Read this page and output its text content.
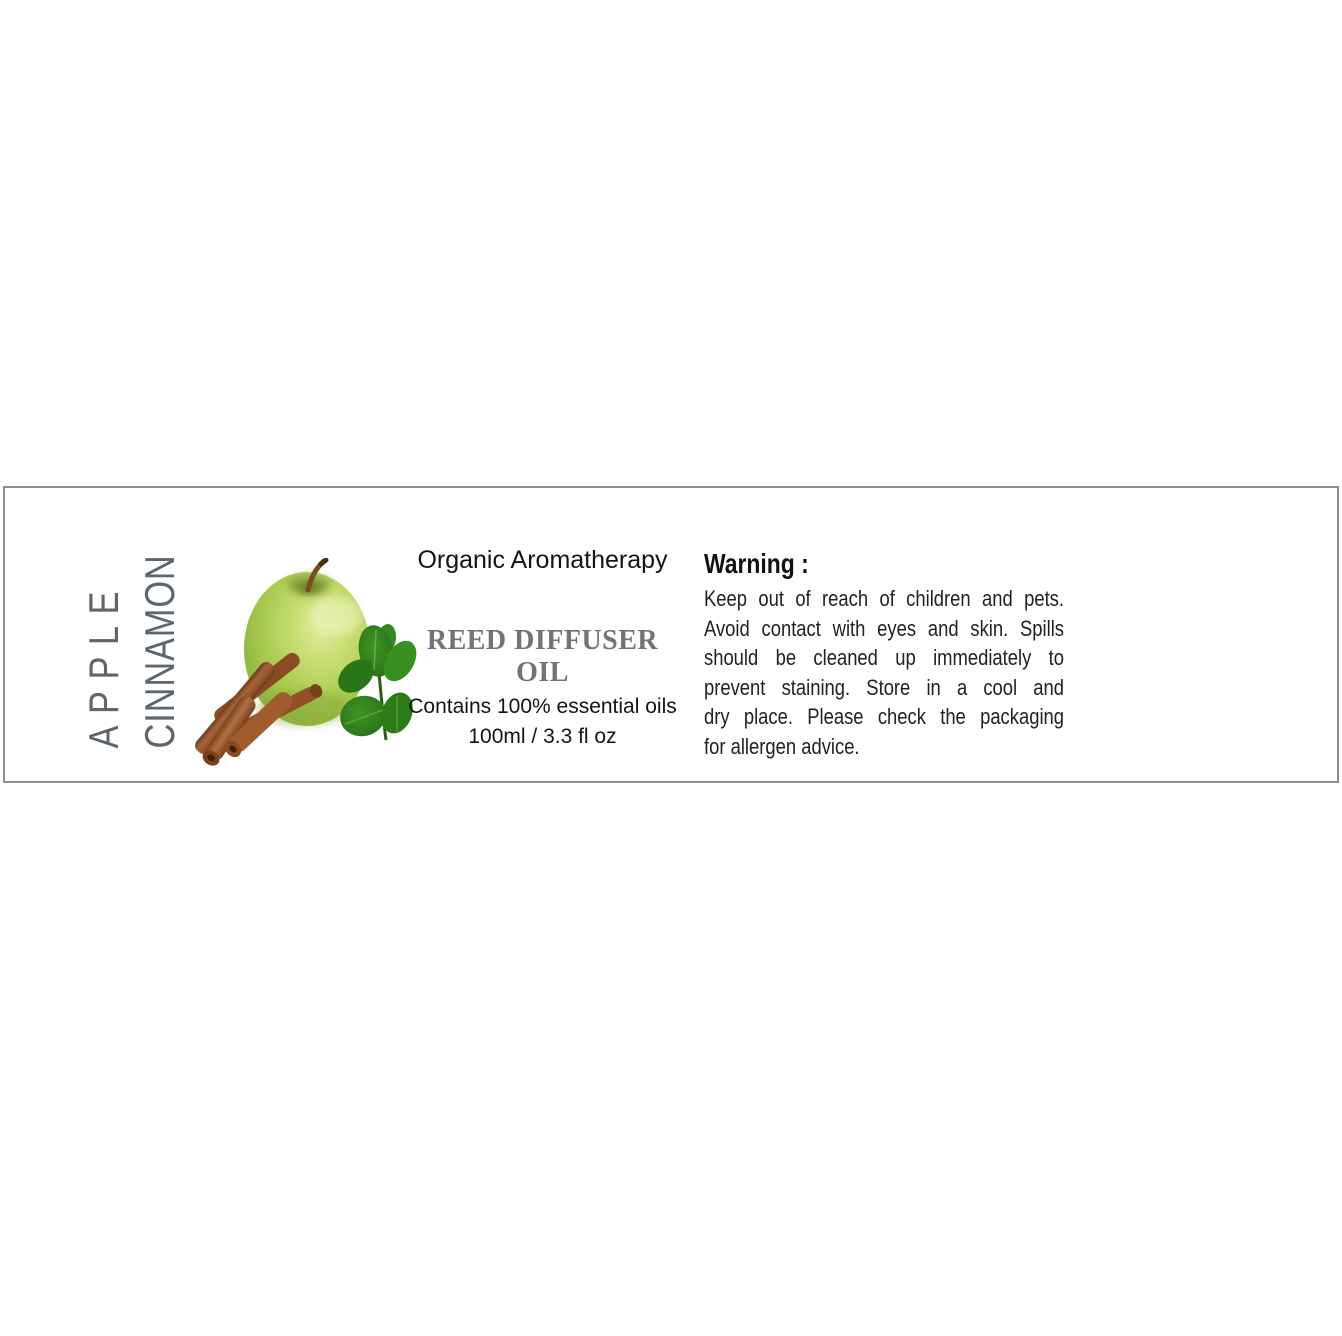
APPLE CINNAMON	Organic Aromatherapy
REED DIFFUSER
OIL
Contains 100% essential oils
100ml / 3.3 fl oz
Warning :
Keep out of reach of children and pets.
Avoid contact with eyes and skin. Spills
should be cleaned up immediately to
prevent staining. Store in a cool and
dry place. Please check the packaging
for allergen advice.
